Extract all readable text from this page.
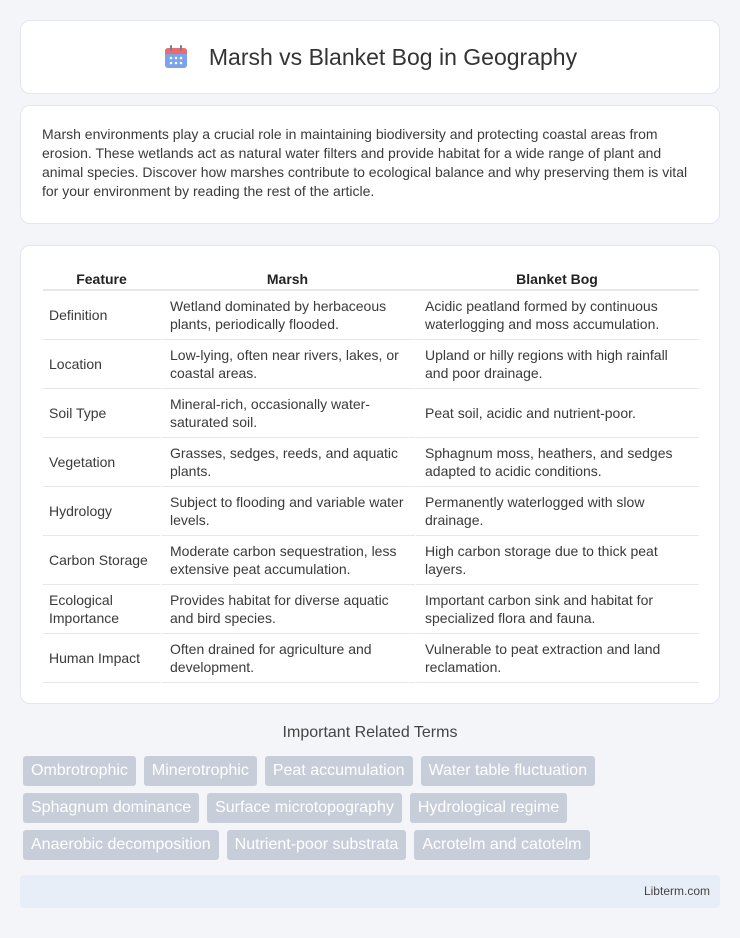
Marsh vs Blanket Bog in Geography

Marsh environments play a crucial role in maintaining biodiversity and protecting coastal areas from erosion. These wetlands act as natural water filters and provide habitat for a wide range of plant and animal species. Discover how marshes contribute to ecological balance and why preserving them is vital for your environment by reading the rest of the article.

Feature	Marsh	Blanket Bog
Definition	Wetland dominated by herbaceous plants, periodically flooded.	Acidic peatland formed by continuous waterlogging and moss accumulation.
Location	Low-lying, often near rivers, lakes, or coastal areas.	Upland or hilly regions with high rainfall and poor drainage.
Soil Type	Mineral-rich, occasionally water-saturated soil.	Peat soil, acidic and nutrient-poor.
Vegetation	Grasses, sedges, reeds, and aquatic plants.	Sphagnum moss, heathers, and sedges adapted to acidic conditions.
Hydrology	Subject to flooding and variable water levels.	Permanently waterlogged with slow drainage.
Carbon Storage	Moderate carbon sequestration, less extensive peat accumulation.	High carbon storage due to thick peat layers.
Ecological Importance	Provides habitat for diverse aquatic and bird species.	Important carbon sink and habitat for specialized flora and fauna.
Human Impact	Often drained for agriculture and development.	Vulnerable to peat extraction and land reclamation.
Important Related Terms
Ombrotrophic	Minerotrophic	Peat accumulation	Water table fluctuation
Sphagnum dominance	Surface microtopography	Hydrological regime
Anaerobic decomposition	Nutrient-poor substrata	Acrotelm and catotelm
Libterm.com
